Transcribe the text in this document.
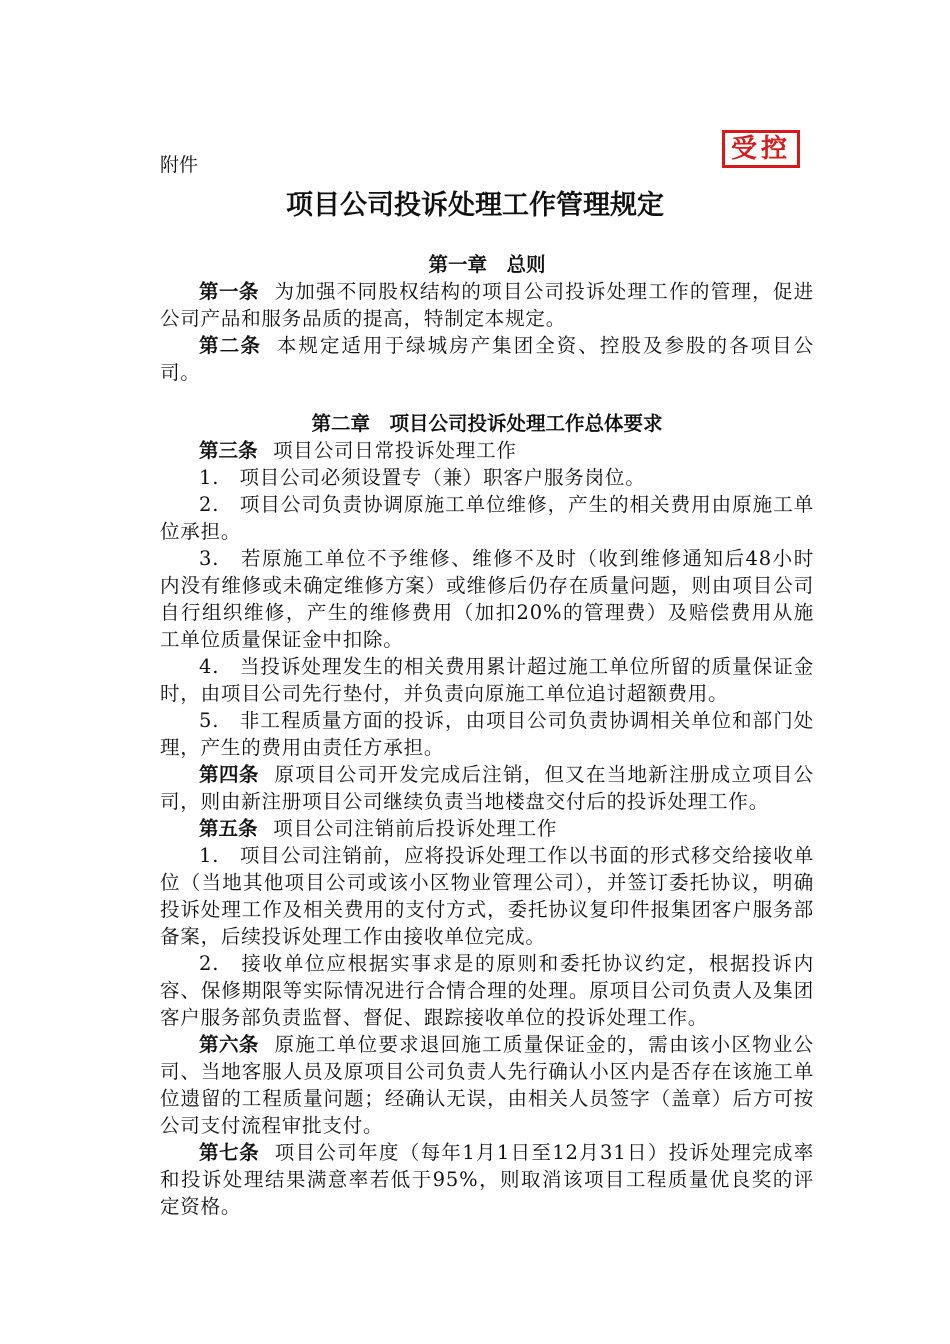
附件
受控
项目公司投诉处理工作管理规定
第一章　总则
第一条 为加强不同股权结构的项目公司投诉处理工作的管理，促进公司产品和服务品质的提高，特制定本规定。
第二条 本规定适用于绿城房产集团全资、控股及参股的各项目公司。
第二章　项目公司投诉处理工作总体要求
第三条 项目公司日常投诉处理工作
1.　项目公司必须设置专（兼）职客户服务岗位。
2.　项目公司负责协调原施工单位维修，产生的相关费用由原施工单位承担。
3.　若原施工单位不予维修、维修不及时（收到维修通知后48小时内没有维修或未确定维修方案）或维修后仍存在质量问题，则由项目公司自行组织维修，产生的维修费用（加扣20%的管理费）及赔偿费用从施工单位质量保证金中扣除。
4.　当投诉处理发生的相关费用累计超过施工单位所留的质量保证金时，由项目公司先行垫付，并负责向原施工单位追讨超额费用。
5.　非工程质量方面的投诉，由项目公司负责协调相关单位和部门处理，产生的费用由责任方承担。
第四条 原项目公司开发完成后注销，但又在当地新注册成立项目公司，则由新注册项目公司继续负责当地楼盘交付后的投诉处理工作。
第五条 项目公司注销前后投诉处理工作
1.　项目公司注销前，应将投诉处理工作以书面的形式移交给接收单位（当地其他项目公司或该小区物业管理公司），并签订委托协议，明确投诉处理工作及相关费用的支付方式，委托协议复印件报集团客户服务部备案，后续投诉处理工作由接收单位完成。
2.　接收单位应根据实事求是的原则和委托协议约定，根据投诉内容、保修期限等实际情况进行合情合理的处理。原项目公司负责人及集团客户服务部负责监督、督促、跟踪接收单位的投诉处理工作。
第六条 原施工单位要求退回施工质量保证金的，需由该小区物业公司、当地客服人员及原项目公司负责人先行确认小区内是否存在该施工单位遗留的工程质量问题；经确认无误，由相关人员签字（盖章）后方可按公司支付流程审批支付。
第七条 项目公司年度（每年1月1日至12月31日）投诉处理完成率和投诉处理结果满意率若低于95%，则取消该项目工程质量优良奖的评定资格。
